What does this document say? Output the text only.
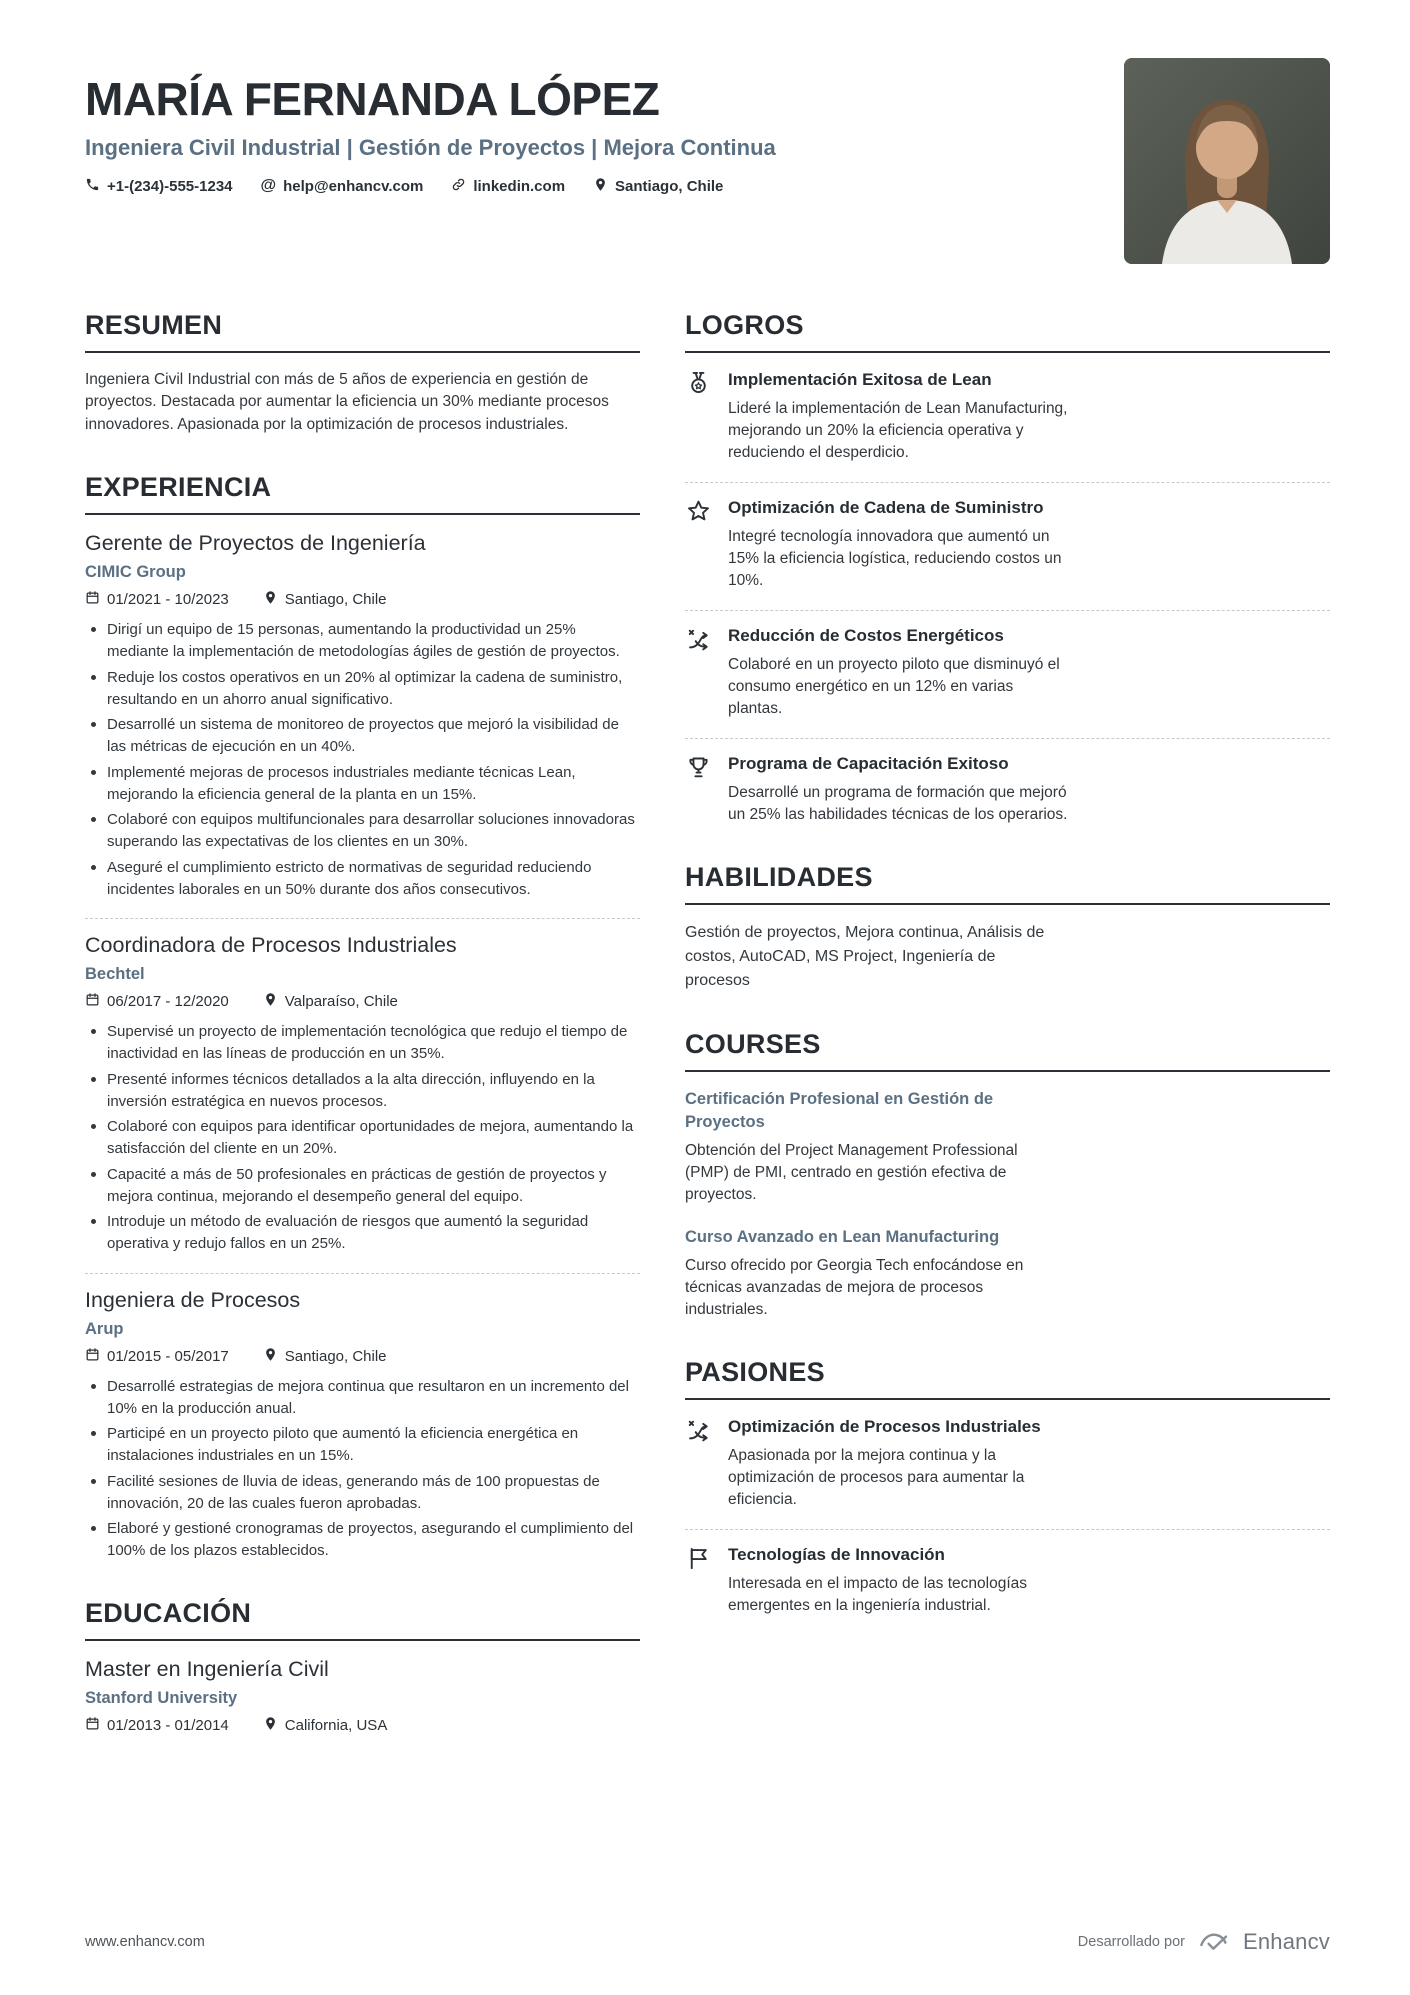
MARÍA FERNANDA LÓPEZ
Ingeniera Civil Industrial | Gestión de Proyectos | Mejora Continua
+1-(234)-555-1234 @ help@enhancv.com	linkedin.com	Santiago, Chile
RESUMEN

Ingeniera Civil Industrial con más de 5 años de experiencia en gestión de proyectos. Destacada por aumentar la eficiencia un 30% mediante procesos innovadores. Apasionada por la optimización de procesos industriales.

EXPERIENCIA
Gerente de Proyectos de Ingeniería
CIMIC Group
01/2021 - 10/2023	Santiago, Chile
Dirigí un equipo de 15 personas, aumentando la productividad un 25% mediante la implementación de metodologías ágiles de gestión de proyectos.
Reduje los costos operativos en un 20% al optimizar la cadena de suministro, resultando en un ahorro anual significativo.
Desarrollé un sistema de monitoreo de proyectos que mejoró la visibilidad de las métricas de ejecución en un 40%.
Implementé mejoras de procesos industriales mediante técnicas Lean, mejorando la eficiencia general de la planta en un 15%.
Colaboré con equipos multifuncionales para desarrollar soluciones innovadoras superando las expectativas de los clientes en un 30%.
Aseguré el cumplimiento estricto de normativas de seguridad reduciendo incidentes laborales en un 50% durante dos años consecutivos.
Coordinadora de Procesos Industriales
Bechtel
06/2017 - 12/2020	Valparaíso, Chile
Supervisé un proyecto de implementación tecnológica que redujo el tiempo de inactividad en las líneas de producción en un 35%.
Presenté informes técnicos detallados a la alta dirección, influyendo en la inversión estratégica en nuevos procesos.
Colaboré con equipos para identificar oportunidades de mejora, aumentando la satisfacción del cliente en un 20%.
Capacité a más de 50 profesionales en prácticas de gestión de proyectos y mejora continua, mejorando el desempeño general del equipo.
Introduje un método de evaluación de riesgos que aumentó la seguridad operativa y redujo fallos en un 25%.
Ingeniera de Procesos
Arup
01/2015 - 05/2017	Santiago, Chile
Desarrollé estrategias de mejora continua que resultaron en un incremento del 10% en la producción anual.
Participé en un proyecto piloto que aumentó la eficiencia energética en instalaciones industriales en un 15%.
Facilité sesiones de lluvia de ideas, generando más de 100 propuestas de innovación, 20 de las cuales fueron aprobadas.
Elaboré y gestioné cronogramas de proyectos, asegurando el cumplimiento del 100% de los plazos establecidos.
EDUCACIÓN
Master en Ingeniería Civil
Stanford University
01/2013 - 01/2014	California, USA
LOGROS
Implementación Exitosa de Lean

Lideré la implementación de Lean Manufacturing, mejorando un 20% la eficiencia operativa y reduciendo el desperdicio.

Optimización de Cadena de Suministro

Integré tecnología innovadora que aumentó un 15% la eficiencia logística, reduciendo costos un 10%.

Reducción de Costos Energéticos

Colaboré en un proyecto piloto que disminuyó el consumo energético en un 12% en varias plantas.

Programa de Capacitación Exitoso

Desarrollé un programa de formación que mejoró un 25% las habilidades técnicas de los operarios.

HABILIDADES

Gestión de proyectos, Mejora continua, Análisis de costos, AutoCAD, MS Project, Ingeniería de procesos

COURSES
Certificación Profesional en Gestión de Proyectos

Obtención del Project Management Professional (PMP) de PMI, centrado en gestión efectiva de proyectos.

Curso Avanzado en Lean Manufacturing

Curso ofrecido por Georgia Tech enfocándose en técnicas avanzadas de mejora de procesos industriales.

PASIONES
Optimización de Procesos Industriales

Apasionada por la mejora continua y la optimización de procesos para aumentar la eficiencia.

Tecnologías de Innovación

Interesada en el impacto de las tecnologías emergentes en la ingeniería industrial.

www.enhancv.com	Desarrollado por	Enhancv
